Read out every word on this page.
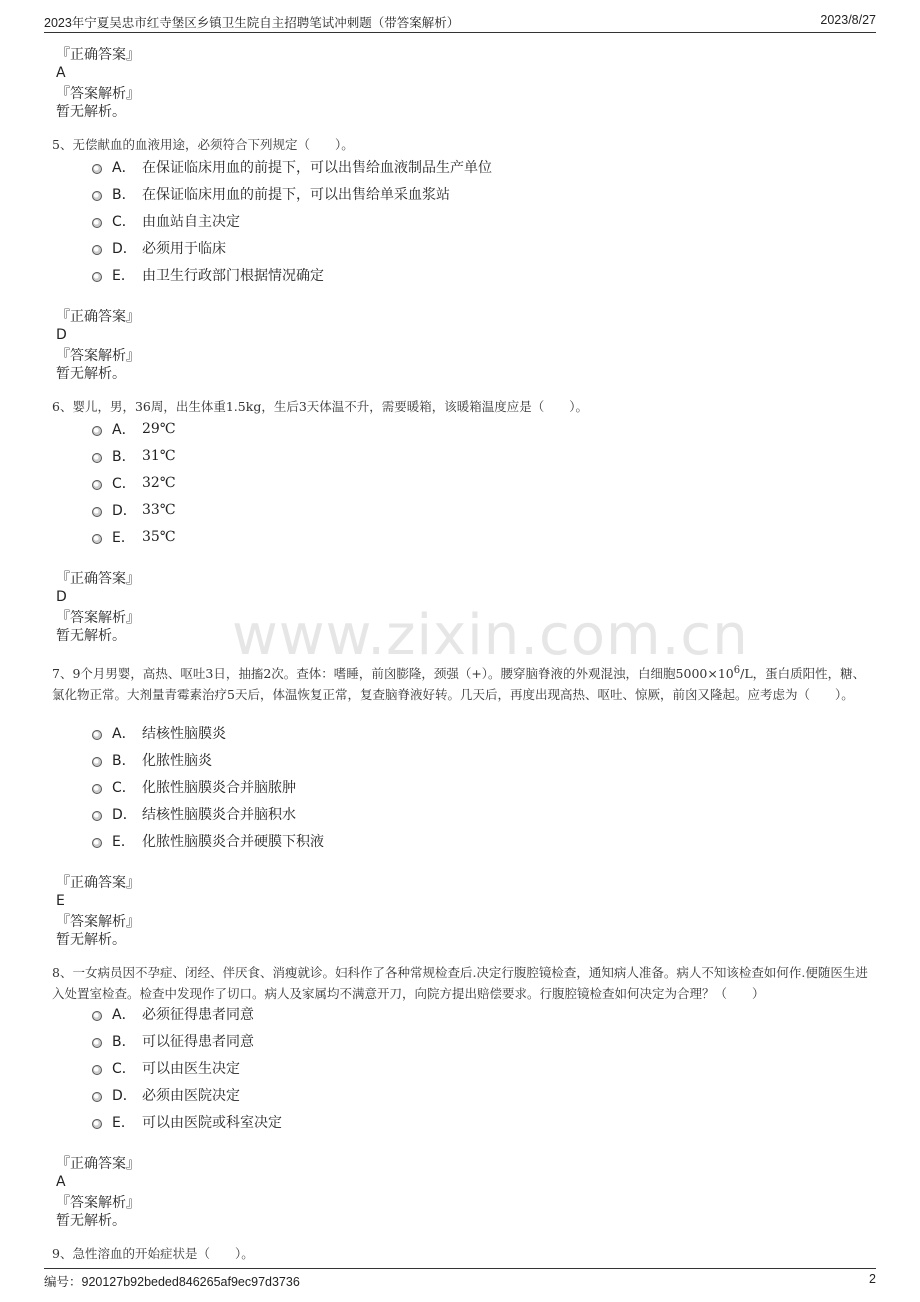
2023年宁夏吴忠市红寺堡区乡镇卫生院自主招聘笔试冲刺题（带答案解析）	2023/8/27
www.zixin.com.cn
『正确答案』
A
『答案解析』
暂无解析。
5、无偿献血的血液用途，必须符合下列规定（　　）。
A． 在保证临床用血的前提下，可以出售给血液制品生产单位
B． 在保证临床用血的前提下，可以出售给单采血浆站
C． 由血站自主决定
D． 必须用于临床
E． 由卫生行政部门根据情况确定
『正确答案』
D
『答案解析』
暂无解析。
6、婴儿，男，36周，出生体重1.5kg，生后3天体温不升，需要暖箱，该暖箱温度应是（　　）。
A． 29℃
B． 31℃
C． 32℃
D． 33℃
E． 35℃
『正确答案』
D
『答案解析』
暂无解析。
7、9个月男婴，高热、呕吐3日，抽搐2次。查体：嗜睡，前囟膨隆，颈强（+）。腰穿脑脊液的外观混浊，白细胞$5000\times 10^6/L$，蛋白质阳性，糖、氯化物正常。大剂量青霉素治疗5天后，体温恢复正常，复查脑脊液好转。几天后，再度出现高热、呕吐、惊厥，前囟又隆起。应考虑为（　　）。
A． 结核性脑膜炎
B． 化脓性脑炎
C． 化脓性脑膜炎合并脑脓肿
D． 结核性脑膜炎合并脑积水
E． 化脓性脑膜炎合并硬膜下积液
『正确答案』
E
『答案解析』
暂无解析。
8、一女病员因不孕症、闭经、伴厌食、消瘦就诊。妇科作了各种常规检查后.决定行腹腔镜检查，通知病人准备。病人不知该检查如何作.便随医生进入处置室检查。检查中发现作了切口。病人及家属均不满意开刀，向院方提出赔偿要求。行腹腔镜检查如何决定为合理？（　　）
A． 必须征得患者同意
B． 可以征得患者同意
C． 可以由医生决定
D． 必须由医院决定
E． 可以由医院或科室决定
『正确答案』
A
『答案解析』
暂无解析。
9、急性溶血的开始症状是（　　）。
编号：920127b92beded846265af9ec97d3736	2
